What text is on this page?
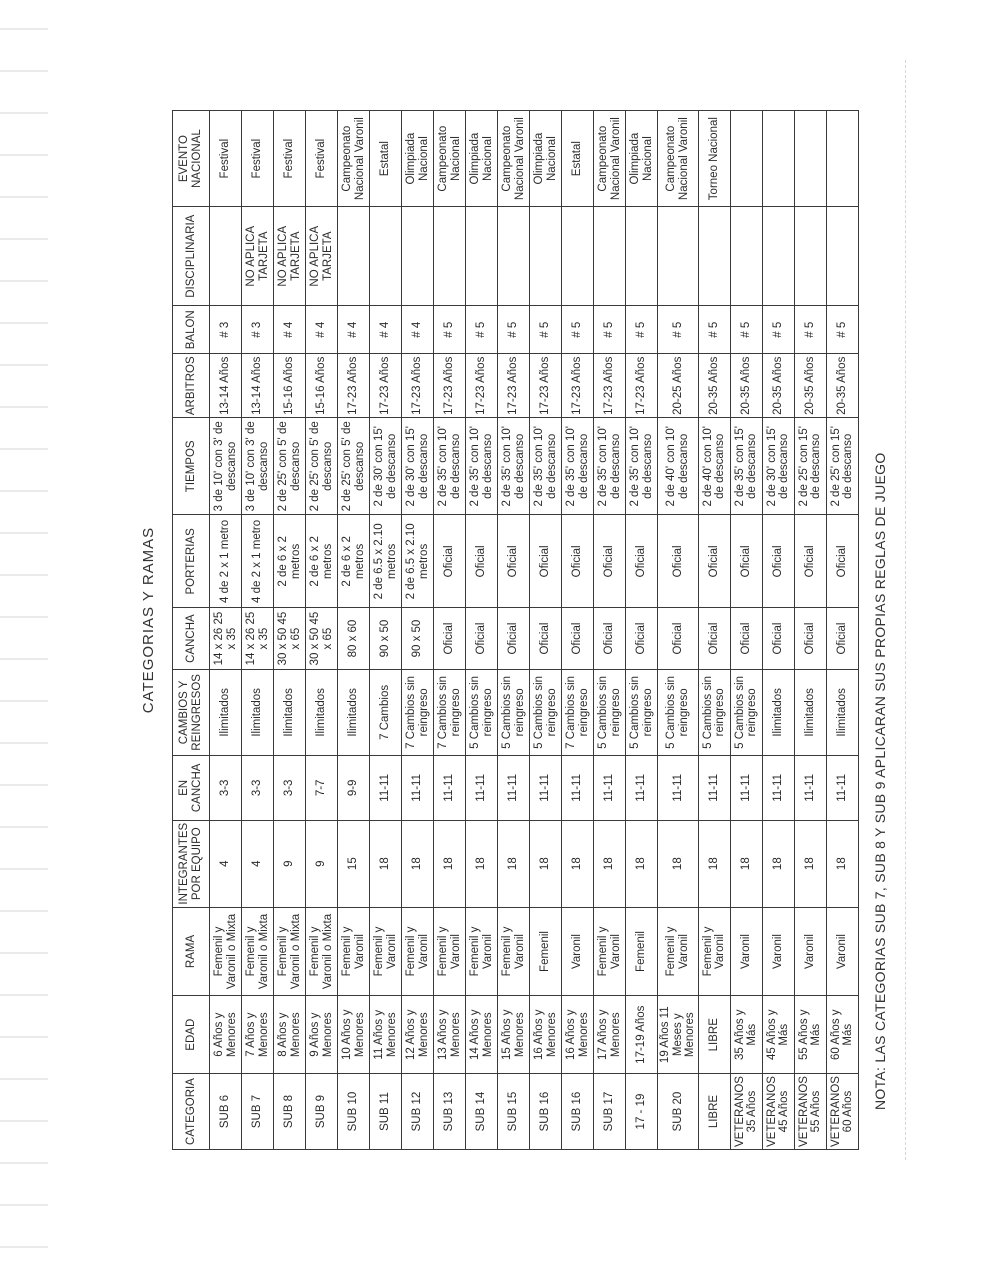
CATEGORIAS Y RAMAS
CATEGORIA	EDAD	RAMA	INTEGRANTES POR EQUIPO	EN CANCHA	CAMBIOS Y REINGRESOS	CANCHA	PORTERIAS	TIEMPOS	ARBITROS	BALON	DISCIPLINARIA	EVENTO NACIONAL
SUB 6	6 Años y Menores	Femenil y Varonil o Mixta	4	3-3	Ilimitados	14 x 26 25 x 35	4 de 2 x 1 metro	3 de 10' con 3' de descanso	13-14 Años	# 3		Festival
SUB 7	7 Años y Menores	Femenil y Varonil o Mixta	4	3-3	Ilimitados	14 x 26 25 x 35	4 de 2 x 1 metro	3 de 10' con 3' de descanso	13-14 Años	# 3	NO APLICA TARJETA	Festival
SUB 8	8 Años y Menores	Femenil y Varonil o Mixta	9	3-3	Ilimitados	30 x 50 45 x 65	2 de 6 x 2 metros	2 de 25' con 5' de descanso	15-16 Años	# 4	NO APLICA TARJETA	Festival
SUB 9	9 Años y Menores	Femenil y Varonil o Mixta	9	7-7	Ilimitados	30 x 50 45 x 65	2 de 6 x 2 metros	2 de 25' con 5' de descanso	15-16 Años	# 4	NO APLICA TARJETA	Festival
SUB 10	10 Años y Menores	Femenil y Varonil	15	9-9	Ilimitados	80 x 60	2 de 6 x 2 metros	2 de 25' con 5' de descanso	17-23 Años	# 4		Campeonato Nacional Varonil
SUB 11	11 Años y Menores	Femenil y Varonil	18	11-11	7 Cambios	90 x 50	2 de 6.5 x 2.10 metros	2 de 30' con 15' de descanso	17-23 Años	# 4		Estatal
SUB 12	12 Años y Menores	Femenil y Varonil	18	11-11	7 Cambios sin reingreso	90 x 50	2 de 6.5 x 2.10 metros	2 de 30' con 15' de descanso	17-23 Años	# 4		Olimpiada Nacional
SUB 13	13 Años y Menores	Femenil y Varonil	18	11-11	7 Cambios sin reingreso	Oficial	Oficial	2 de 35' con 10' de descanso	17-23 Años	# 5		Campeonato Nacional
SUB 14	14 Años y Menores	Femenil y Varonil	18	11-11	5 Cambios sin reingreso	Oficial	Oficial	2 de 35' con 10' de descanso	17-23 Años	# 5		Olimpiada Nacional
SUB 15	15 Años y Menores	Femenil y Varonil	18	11-11	5 Cambios sin reingreso	Oficial	Oficial	2 de 35' con 10' de descanso	17-23 Años	# 5		Campeonato Nacional Varonil
SUB 16	16 Años y Menores	Femenil	18	11-11	5 Cambios sin reingreso	Oficial	Oficial	2 de 35' con 10' de descanso	17-23 Años	# 5		Olimpiada Nacional
SUB 16	16 Años y Menores	Varonil	18	11-11	7 Cambios sin reingreso	Oficial	Oficial	2 de 35' con 10' de descanso	17-23 Años	# 5		Estatal
SUB 17	17 Años y Menores	Femenil y Varonil	18	11-11	5 Cambios sin reingreso	Oficial	Oficial	2 de 35' con 10' de descanso	17-23 Años	# 5		Campeonato Nacional Varonil
17 - 19	17-19 Años	Femenil	18	11-11	5 Cambios sin reingreso	Oficial	Oficial	2 de 35' con 10' de descanso	17-23 Años	# 5		Olimpiada Nacional
SUB 20	19 Años 11 Meses y Menores	Femenil y Varonil	18	11-11	5 Cambios sin reingreso	Oficial	Oficial	2 de 40' con 10' de descanso	20-25 Años	# 5		Campeonato Nacional Varonil
LIBRE	LIBRE	Femenil y Varonil	18	11-11	5 Cambios sin reingreso	Oficial	Oficial	2 de 40' con 10' de descanso	20-35 Años	# 5		Torneo Nacional
VETERANOS 35 Años	35 Años y Más	Varonil	18	11-11	5 Cambios sin reingreso	Oficial	Oficial	2 de 35' con 15' de descanso	20-35 Años	# 5		
VETERANOS 45 Años	45 Años y Más	Varonil	18	11-11	Ilimitados	Oficial	Oficial	2 de 30' con 15' de descanso	20-35 Años	# 5		
VETERANOS 55 Años	55 Años y Más	Varonil	18	11-11	Ilimitados	Oficial	Oficial	2 de 25' con 15' de descanso	20-35 Años	# 5		
VETERANOS 60 Años	60 Años y Más	Varonil	18	11-11	Ilimitados	Oficial	Oficial	2 de 25' con 15' de descanso	20-35 Años	# 5		
NOTA: LAS CATEGORIAS SUB 7, SUB 8 Y SUB 9 APLICARAN SUS PROPIAS REGLAS DE JUEGO
